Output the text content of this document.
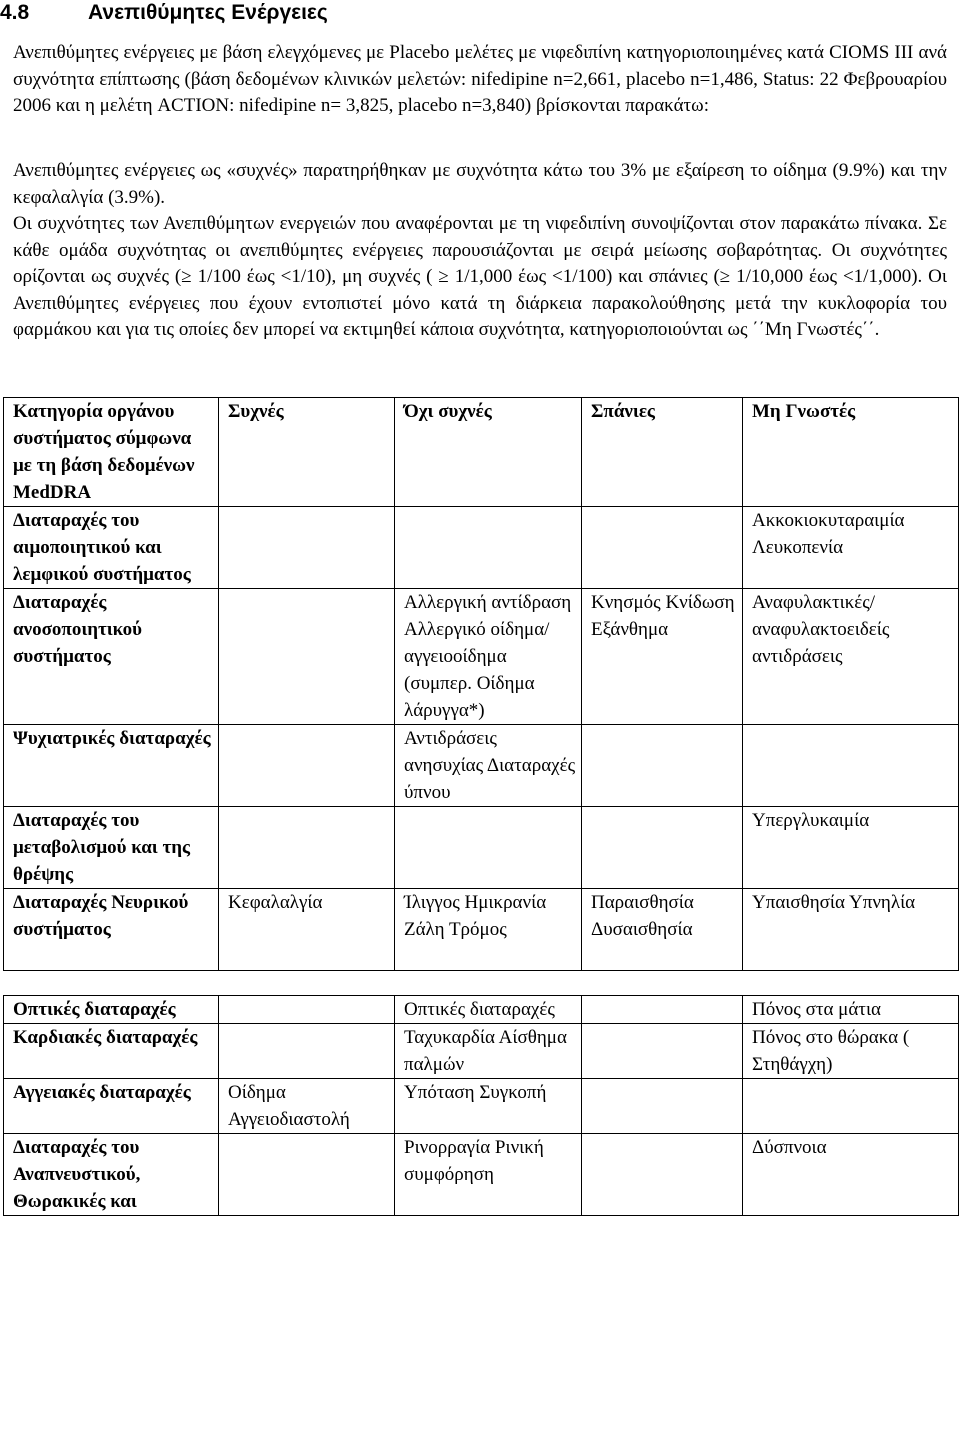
4.8	Ανεπιθύμητες Ενέργειες
Ανεπιθύμητες ενέργειες με βάση ελεγχόμενες με Placebo μελέτες με νιφεδιπίνη κατηγοριοποιημένες κατά CIOMS III ανά συχνότητα επίπτωσης (βάση δεδομένων κλινικών μελετών: nifedipine n=2,661, placebo n=1,486, Status: 22 Φεβρουαρίου 2006 και η μελέτη ACTION: nifedipine n= 3,825, placebo n=3,840) βρίσκονται παρακάτω:
Ανεπιθύμητες ενέργειες ως «συχνές» παρατηρήθηκαν με συχνότητα κάτω του 3% με εξαίρεση το οίδημα (9.9%) και την κεφαλαλγία (3.9%).
Οι συχνότητες των Ανεπιθύμητων ενεργειών που αναφέρονται με τη νιφεδιπίνη συνοψίζονται στον παρακάτω πίνακα. Σε κάθε ομάδα συχνότητας οι ανεπιθύμητες ενέργειες παρουσιάζονται με σειρά μείωσης σοβαρότητας. Οι συχνότητες ορίζονται ως συχνές (≥ 1/100 έως <1/10), μη συχνές ( ≥ 1/1,000 έως <1/100) και σπάνιες (≥ 1/10,000 έως <1/1,000). Οι Ανεπιθύμητες ενέργειες που έχουν εντοπιστεί μόνο κατά τη διάρκεια παρακολούθησης μετά την κυκλοφορία του φαρμάκου και για τις οποίες δεν μπορεί να εκτιμηθεί κάποια συχνότητα, κατηγοριοποιούνται ως ΄΄Μη Γνωστές΄΄.
Κατηγορία οργάνου συστήματος σύμφωνα με τη βάση δεδομένων MedDRA	Συχνές	Όχι συχνές	Σπάνιες	Μη Γνωστές
Διαταραχές του αιμοποιητικού και λεμφικού συστήματος				Ακκοκιοκυταραιμία Λευκοπενία
Διαταραχές ανοσοποιητικού συστήματος		Αλλεργική αντίδραση Αλλεργικό οίδημα/ αγγειοοίδημα (συμπερ. Οίδημα λάρυγγα*)	Κνησμός Κνίδωση Εξάνθημα	Αναφυλακτικές/ αναφυλακτοειδείς αντιδράσεις
Ψυχιατρικές διαταραχές		Αντιδράσεις ανησυχίας Διαταραχές ύπνου		
Διαταραχές του μεταβολισμού και της θρέψης				Υπεργλυκαιμία
Διαταραχές Νευρικού συστήματος	Κεφαλαλγία	Ίλιγγος Ημικρανία Ζάλη Τρόμος	Παραισθησία Δυσαισθησία	Υπαισθησία Υπνηλία

Οπτικές διαταραχές		Οπτικές διαταραχές		Πόνος στα μάτια
Καρδιακές διαταραχές		Ταχυκαρδία Αίσθημα παλμών		Πόνος στο θώρακα ( Στηθάγχη)
Αγγειακές διαταραχές	Οίδημα Αγγειοδιαστολή	Υπόταση Συγκοπή		
Διαταραχές του Αναπνευστικού, Θωρακικές και		Ρινορραγία Ρινική συμφόρηση		Δύσπνοια
